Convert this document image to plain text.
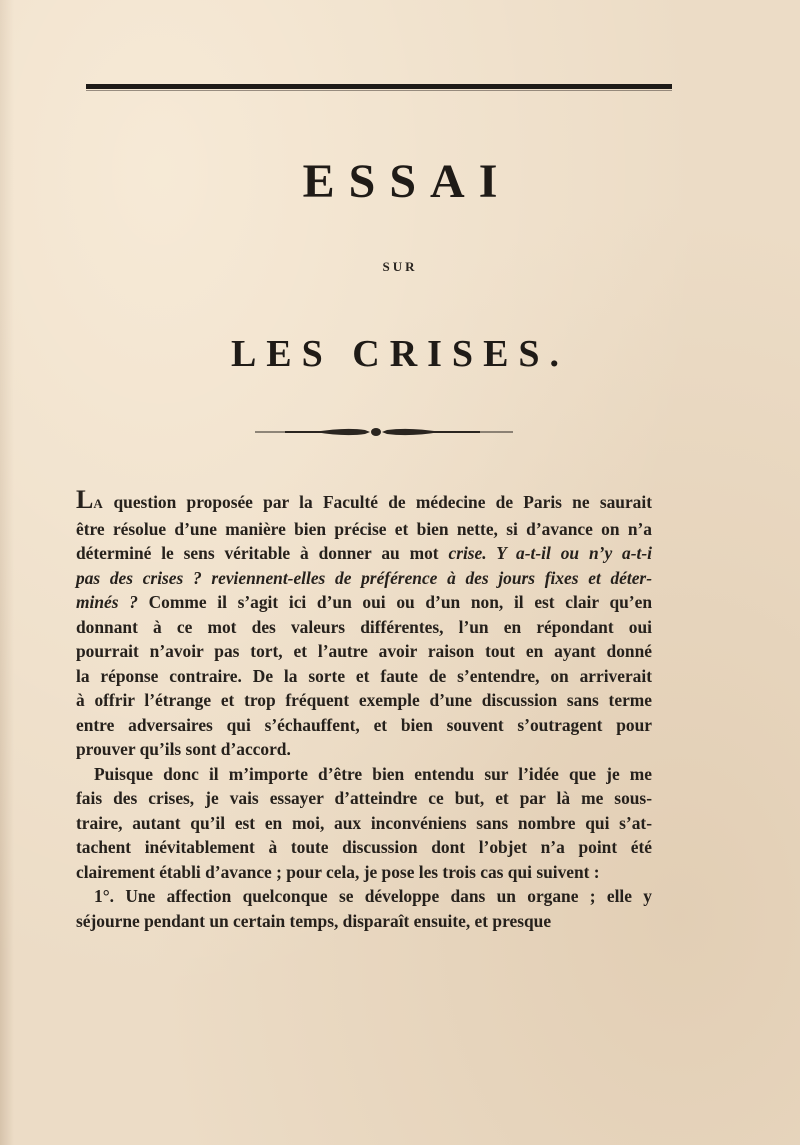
ESSAI
SUR
LES CRISES.

LA question proposée par la Faculté de médecine de Paris ne saurait
être résolue d’une manière bien précise et bien nette, si d’avance on n’a
déterminé le sens véritable à donner au mot crise. Y a-t-il ou n’y a-t-i
pas des crises ? reviennent-elles de préférence à des jours fixes et déter-
minés ? Comme il s’agit ici d’un oui ou d’un non, il est clair qu’en
donnant à ce mot des valeurs différentes, l’un en répondant oui
pourrait n’avoir pas tort, et l’autre avoir raison tout en ayant donné
la réponse contraire. De la sorte et faute de s’entendre, on arriverait
à offrir l’étrange et trop fréquent exemple d’une discussion sans terme
entre adversaires qui s’échauffent, et bien souvent s’outragent pour
prouver qu’ils sont d’accord.

Puisque donc il m’importe d’être bien entendu sur l’idée que je me
fais des crises, je vais essayer d’atteindre ce but, et par là me sous-
traire, autant qu’il est en moi, aux inconvéniens sans nombre qui s’at-
tachent inévitablement à toute discussion dont l’objet n’a point été
clairement établi d’avance ; pour cela, je pose les trois cas qui suivent :

1°. Une affection quelconque se développe dans un organe ; elle y
séjourne pendant un certain temps, disparaît ensuite, et presque
